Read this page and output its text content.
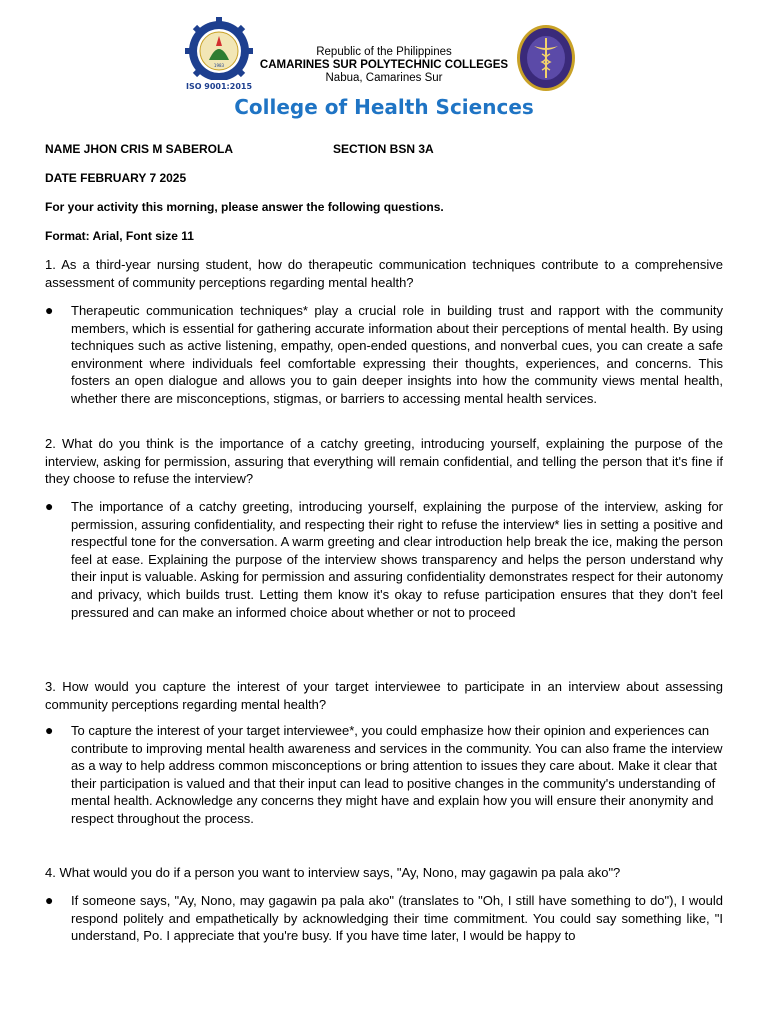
1983
ISO 9001:2015
Republic of the Philippines
CAMARINES SUR POLYTECHNIC COLLEGES
Nabua, Camarines Sur
College of Health Sciences
NAME JHON CRIS M SABEROLA	SECTION BSN 3A
DATE FEBRUARY 7 2025
For your activity this morning, please answer the following questions.
Format: Arial, Font size 11
1. As a third-year nursing student, how do therapeutic communication techniques contribute to a comprehensive assessment of community perceptions regarding mental health?
● Therapeutic communication techniques* play a crucial role in building trust and rapport with the community members, which is essential for gathering accurate information about their perceptions of mental health. By using techniques such as active listening, empathy, open-ended questions, and nonverbal cues, you can create a safe environment where individuals feel comfortable expressing their thoughts, experiences, and concerns. This fosters an open dialogue and allows you to gain deeper insights into how the community views mental health, whether there are misconceptions, stigmas, or barriers to accessing mental health services.
2. What do you think is the importance of a catchy greeting, introducing yourself, explaining the purpose of the interview, asking for permission, assuring that everything will remain confidential, and telling the person that it's fine if they choose to refuse the interview?
● The importance of a catchy greeting, introducing yourself, explaining the purpose of the interview, asking for permission, assuring confidentiality, and respecting their right to refuse the interview* lies in setting a positive and respectful tone for the conversation. A warm greeting and clear introduction help break the ice, making the person feel at ease. Explaining the purpose of the interview shows transparency and helps the person understand why their input is valuable. Asking for permission and assuring confidentiality demonstrates respect for their autonomy and privacy, which builds trust. Letting them know it's okay to refuse participation ensures that they don't feel pressured and can make an informed choice about whether or not to proceed
3. How would you capture the interest of your target interviewee to participate in an interview about assessing community perceptions regarding mental health?
● To capture the interest of your target interviewee*, you could emphasize how their opinion and experiences can contribute to improving mental health awareness and services in the community. You can also frame the interview as a way to help address common misconceptions or bring attention to issues they care about. Make it clear that their participation is valued and that their input can lead to positive changes in the community's understanding of mental health. Acknowledge any concerns they might have and explain how you will ensure their anonymity and respect throughout the process.
4. What would you do if a person you want to interview says, "Ay, Nono, may gagawin pa pala ako"?
● If someone says, "Ay, Nono, may gagawin pa pala ako" (translates to "Oh, I still have something to do"), I would respond politely and empathetically by acknowledging their time commitment. You could say something like, "I understand, Po. I appreciate that you're busy. If you have time later, I would be happy to
